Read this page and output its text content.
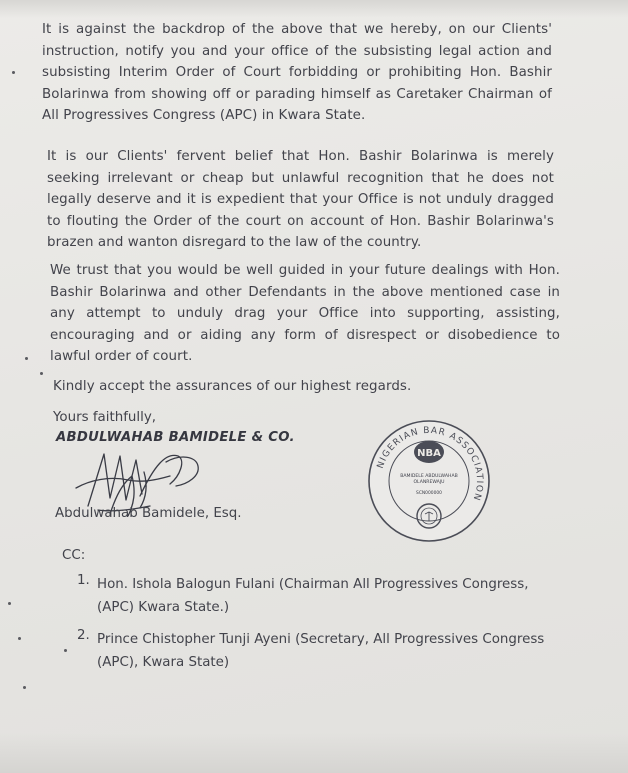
It is against the backdrop of the above that we hereby, on our Clients' instruction, notify you and your office of the subsisting legal action and subsisting Interim Order of Court forbidding or prohibiting Hon. Bashir Bolarinwa from showing off or parading himself as Caretaker Chairman of All Progressives Congress (APC) in Kwara State.

It is our Clients' fervent belief that Hon. Bashir Bolarinwa is merely seeking irrelevant or cheap but unlawful recognition that he does not legally deserve and it is expedient that your Office is not unduly dragged to flouting the Order of the court on account of Hon. Bashir Bolarinwa's brazen and wanton disregard to the law of the country.

We trust that you would be well guided in your future dealings with Hon. Bashir Bolarinwa and other Defendants in the above mentioned case in any attempt to unduly drag your Office into supporting, assisting, encouraging and or aiding any form of disrespect or disobedience to lawful order of court.

Kindly accept the assurances of our highest regards.

Yours faithfully,
ABDULWAHAB BAMIDELE & CO.
Abdulwahab Bamidele, Esq.
NIGERIAN BAR ASSOCIATION
NBA
BAMIDELE ABDULWAHAB
OLANREWAJU
SCN000000
CC:
1. Hon. Ishola Balogun Fulani (Chairman All Progressives Congress, (APC) Kwara State.)
2. Prince Chistopher Tunji Ayeni (Secretary, All Progressives Congress (APC), Kwara State)
